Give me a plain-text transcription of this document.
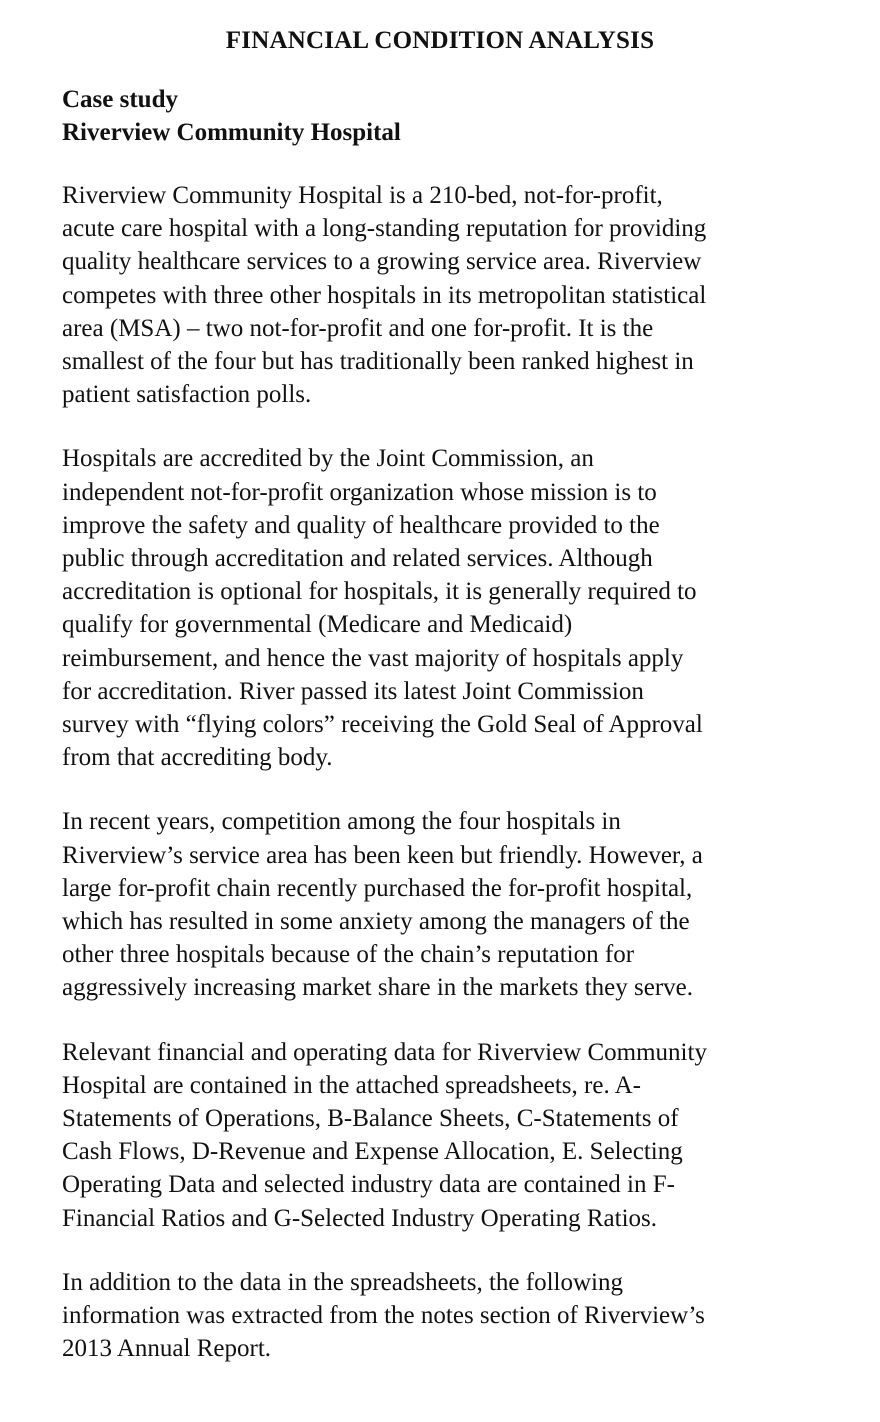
FINANCIAL CONDITION ANALYSIS
Case study
Riverview Community Hospital

Riverview Community Hospital is a 210-bed, not-for-profit,
acute care hospital with a long-standing reputation for providing
quality healthcare services to a growing service area. Riverview
competes with three other hospitals in its metropolitan statistical
area (MSA) – two not-for-profit and one for-profit. It is the
smallest of the four but has traditionally been ranked highest in
patient satisfaction polls.

Hospitals are accredited by the Joint Commission, an
independent not-for-profit organization whose mission is to
improve the safety and quality of healthcare provided to the
public through accreditation and related services. Although
accreditation is optional for hospitals, it is generally required to
qualify for governmental (Medicare and Medicaid)
reimbursement, and hence the vast majority of hospitals apply
for accreditation. River passed its latest Joint Commission
survey with “flying colors” receiving the Gold Seal of Approval
from that accrediting body.

In recent years, competition among the four hospitals in
Riverview’s service area has been keen but friendly. However, a
large for-profit chain recently purchased the for-profit hospital,
which has resulted in some anxiety among the managers of the
other three hospitals because of the chain’s reputation for
aggressively increasing market share in the markets they serve.

Relevant financial and operating data for Riverview Community
Hospital are contained in the attached spreadsheets, re. A-
Statements of Operations, B-Balance Sheets, C-Statements of
Cash Flows, D-Revenue and Expense Allocation, E. Selecting
Operating Data and selected industry data are contained in F-
Financial Ratios and G-Selected Industry Operating Ratios.

In addition to the data in the spreadsheets, the following
information was extracted from the notes section of Riverview’s
2013 Annual Report.
